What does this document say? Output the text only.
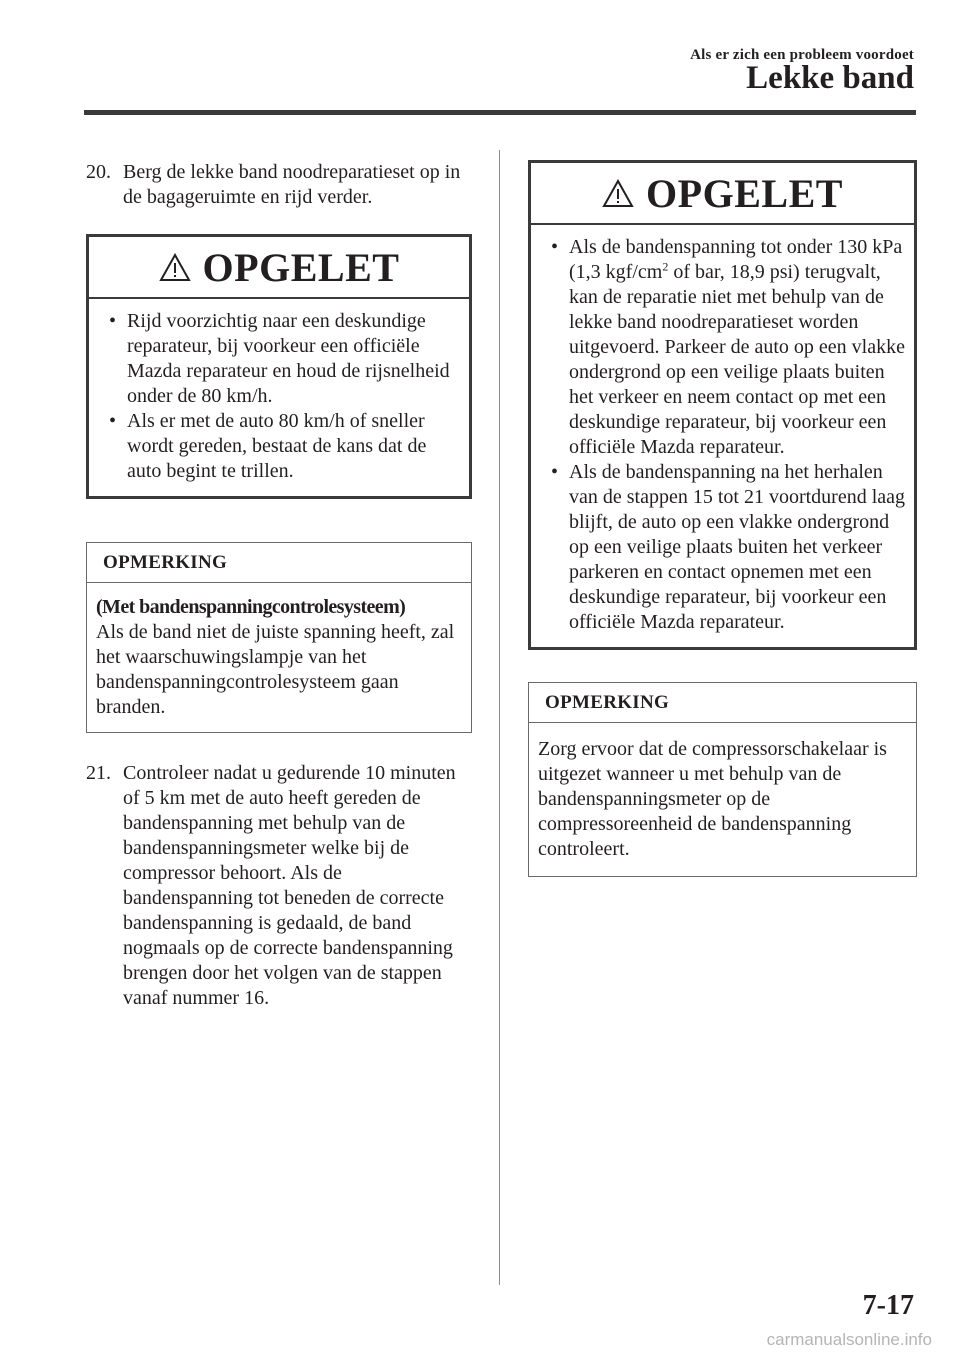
Als er zich een probleem voordoet
Lekke band
20. Berg de lekke band noodreparatieset op in de bagageruimte en rijd verder.
OPGELET
• Rijd voorzichtig naar een deskundige reparateur, bij voorkeur een officiële Mazda reparateur en houd de rijsnelheid onder de 80 km/h.
• Als er met de auto 80 km/h of sneller wordt gereden, bestaat de kans dat de auto begint te trillen.
OPMERKING
(Met bandenspanningcontrolesysteem)
Als de band niet de juiste spanning heeft, zal het waarschuwingslampje van het bandenspanningcontrolesysteem gaan branden.
21. Controleer nadat u gedurende 10 minuten of 5 km met de auto heeft gereden de bandenspanning met behulp van de bandenspanningsmeter welke bij de compressor behoort. Als de bandenspanning tot beneden de correcte bandenspanning is gedaald, de band nogmaals op de correcte bandenspanning brengen door het volgen van de stappen vanaf nummer 16.
OPGELET
• Als de bandenspanning tot onder 130 kPa (1,3 kgf/$cm^2$ of bar, 18,9 psi) terugvalt, kan de reparatie niet met behulp van de lekke band noodreparatieset worden uitgevoerd. Parkeer de auto op een vlakke ondergrond op een veilige plaats buiten het verkeer en neem contact op met een deskundige reparateur, bij voorkeur een officiële Mazda reparateur.
• Als de bandenspanning na het herhalen van de stappen 15 tot 21 voortdurend laag blijft, de auto op een vlakke ondergrond op een veilige plaats buiten het verkeer parkeren en contact opnemen met een deskundige reparateur, bij voorkeur een officiële Mazda reparateur.
OPMERKING
Zorg ervoor dat de compressorschakelaar is uitgezet wanneer u met behulp van de bandenspanningsmeter op de compressoreenheid de bandenspanning controleert.
7-17
carmanualsonline.info
